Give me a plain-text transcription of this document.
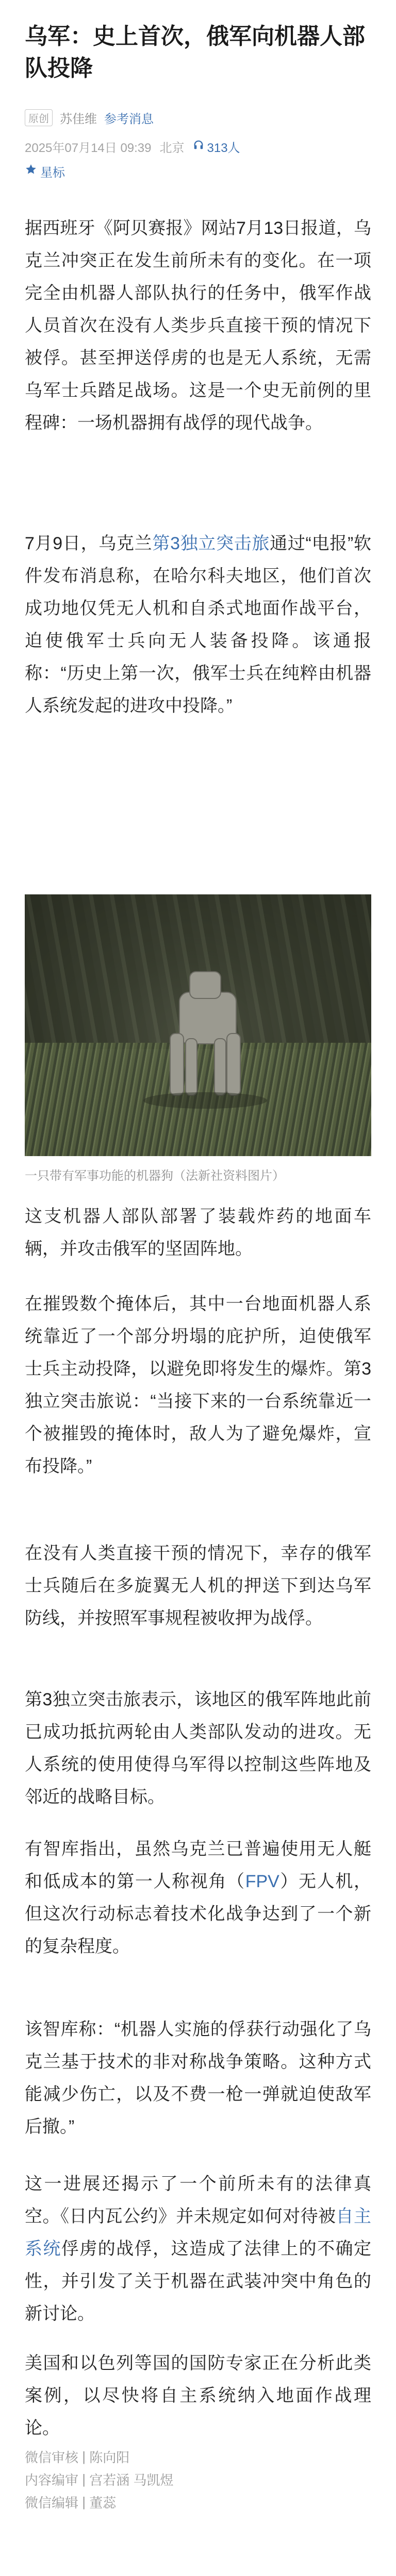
乌军：史上首次，俄军向机器人部队投降
原创 苏佳维 参考消息
2025年07月14日 09:39 北京 313人
星标

据西班牙《阿贝赛报》网站7月13日报道，乌克兰冲突正在发生前所未有的变化。在一项完全由机器人部队执行的任务中，俄军作战人员首次在没有人类步兵直接干预的情况下被俘。甚至押送俘虏的也是无人系统，无需乌军士兵踏足战场。这是一个史无前例的里程碑：一场机器拥有战俘的现代战争。

7月9日，乌克兰第3独立突击旅通过“电报”软件发布消息称，在哈尔科夫地区，他们首次成功地仅凭无人机和自杀式地面作战平台，迫使俄军士兵向无人装备投降。该通报称：“历史上第一次，俄军士兵在纯粹由机器人系统发起的进攻中投降。”

一只带有军事功能的机器狗（法新社资料图片）

这支机器人部队部署了装载炸药的地面车辆，并攻击俄军的坚固阵地。

在摧毁数个掩体后，其中一台地面机器人系统靠近了一个部分坍塌的庇护所，迫使俄军士兵主动投降，以避免即将发生的爆炸。第3独立突击旅说：“当接下来的一台系统靠近一个被摧毁的掩体时，敌人为了避免爆炸，宣布投降。”

在没有人类直接干预的情况下，幸存的俄军士兵随后在多旋翼无人机的押送下到达乌军防线，并按照军事规程被收押为战俘。

第3独立突击旅表示，该地区的俄军阵地此前已成功抵抗两轮由人类部队发动的进攻。无人系统的使用使得乌军得以控制这些阵地及邻近的战略目标。

有智库指出，虽然乌克兰已普遍使用无人艇和低成本的第一人称视角（FPV）无人机，但这次行动标志着技术化战争达到了一个新的复杂程度。

该智库称：“机器人实施的俘获行动强化了乌克兰基于技术的非对称战争策略。这种方式能减少伤亡，以及不费一枪一弹就迫使敌军后撤。”

这一进展还揭示了一个前所未有的法律真空。《日内瓦公约》并未规定如何对待被自主系统俘虏的战俘，这造成了法律上的不确定性，并引发了关于机器在武装冲突中角色的新讨论。

美国和以色列等国的国防专家正在分析此类案例，以尽快将自主系统纳入地面作战理论。

微信审核 | 陈向阳
内容编审 | 宫若涵 马凯煜
微信编辑 | 董蕊
